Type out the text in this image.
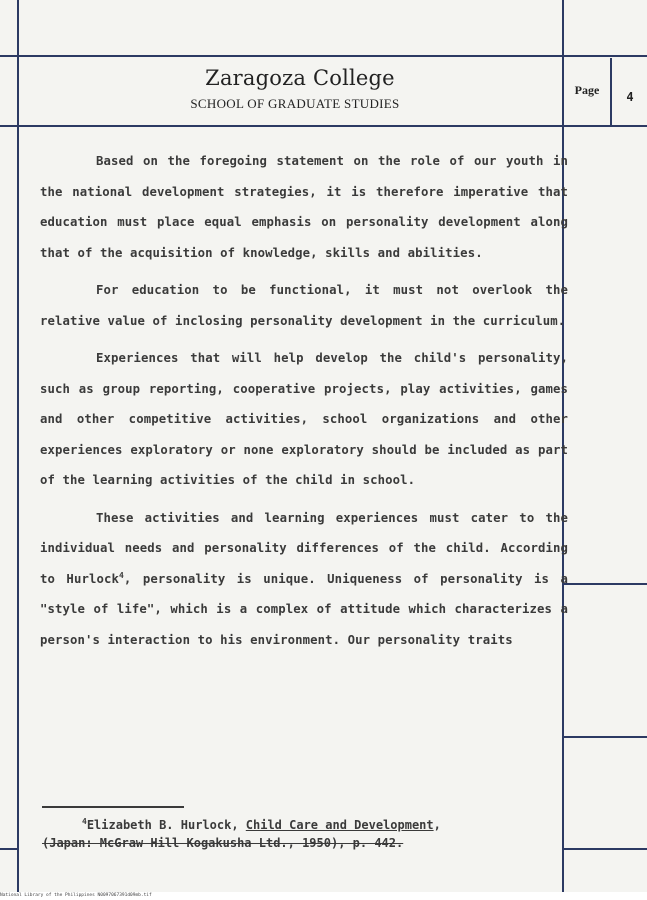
Zaragoza College
SCHOOL OF GRADUATE STUDIES
Page	4

Based on the foregoing statement on the role of our youth in the national development strategies, it is therefore imperative that education must place equal emphasis on personality development along that of the acquisition of knowledge, skills and abilities.

For education to be functional, it must not overlook the relative value of inclosing personality development in the curriculum.

Experiences that will help develop the child's personality, such as group reporting, cooperative projects, play activities, games and other competitive activities, school organizations and other experiences exploratory or none exploratory should be included as part of the learning activities of the child in school.

These activities and learning experiences must cater to the individual needs and personality differences of the child. According to Hurlock$^4$, personality is unique. Uniqueness of personality is a "style of life", which is a complex of attitude which characterizes a person's interaction to his environment. Our personality traits

$^4$Elizabeth B. Hurlock, Child Care and Development,
(Japan: McGraw Hill Kogakusha Ltd., 1950), p. 442.
National Library of the Philippines N0097067391d09mb.tif
